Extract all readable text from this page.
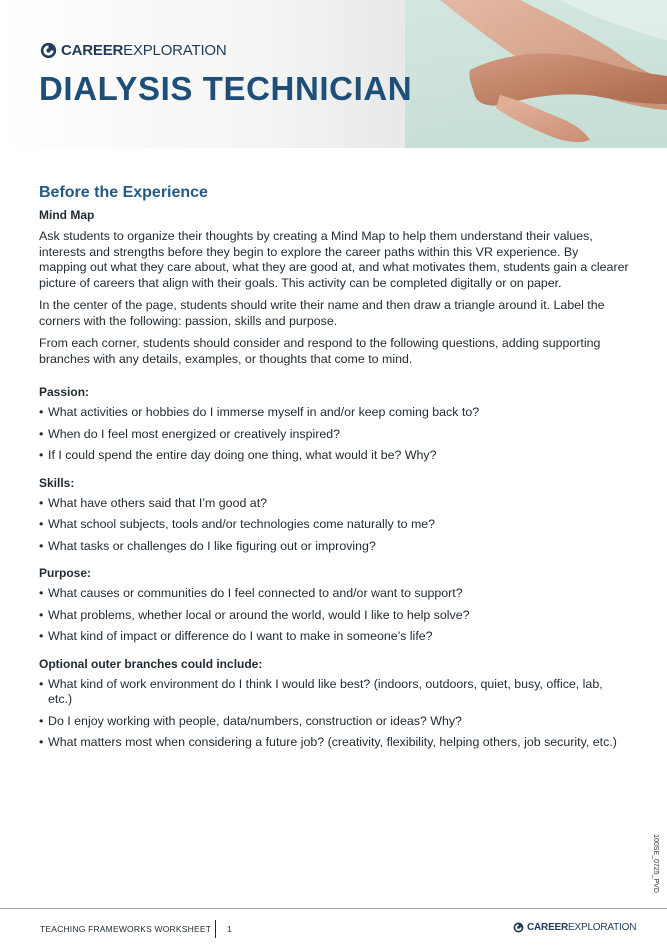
CAREEREXPLORATION
DIALYSIS TECHNICIAN
Before the Experience
Mind Map

Ask students to organize their thoughts by creating a Mind Map to help them understand their values, interests and strengths before they begin to explore the career paths within this VR experience. By mapping out what they care about, what they are good at, and what motivates them, students gain a clearer picture of careers that align with their goals. This activity can be completed digitally or on paper.

In the center of the page, students should write their name and then draw a triangle around it. Label the corners with the following: passion, skills and purpose.

From each corner, students should consider and respond to the following questions, adding supporting branches with any details, examples, or thoughts that come to mind.

Passion:
• What activities or hobbies do I immerse myself in and/or keep coming back to?
• When do I feel most energized or creatively inspired?
• If I could spend the entire day doing one thing, what would it be? Why?
Skills:
• What have others said that I’m good at?
• What school subjects, tools and/or technologies come naturally to me?
• What tasks or challenges do I like figuring out or improving?
Purpose:
• What causes or communities do I feel connected to and/or want to support?
• What problems, whether local or around the world, would I like to help solve?
• What kind of impact or difference do I want to make in someone’s life?
Optional outer branches could include:
• What kind of work environment do I think I would like best? (indoors, outdoors, quiet, busy, office, lab, etc.)
• Do I enjoy working with people, data/numbers, construction or ideas? Why?
• What matters most when considering a future job? (creativity, flexibility, helping others, job security, etc.)
100SE_0725_PVD
TEACHING FRAMEWORKS WORKSHEET 1	CAREEREXPLORATION
